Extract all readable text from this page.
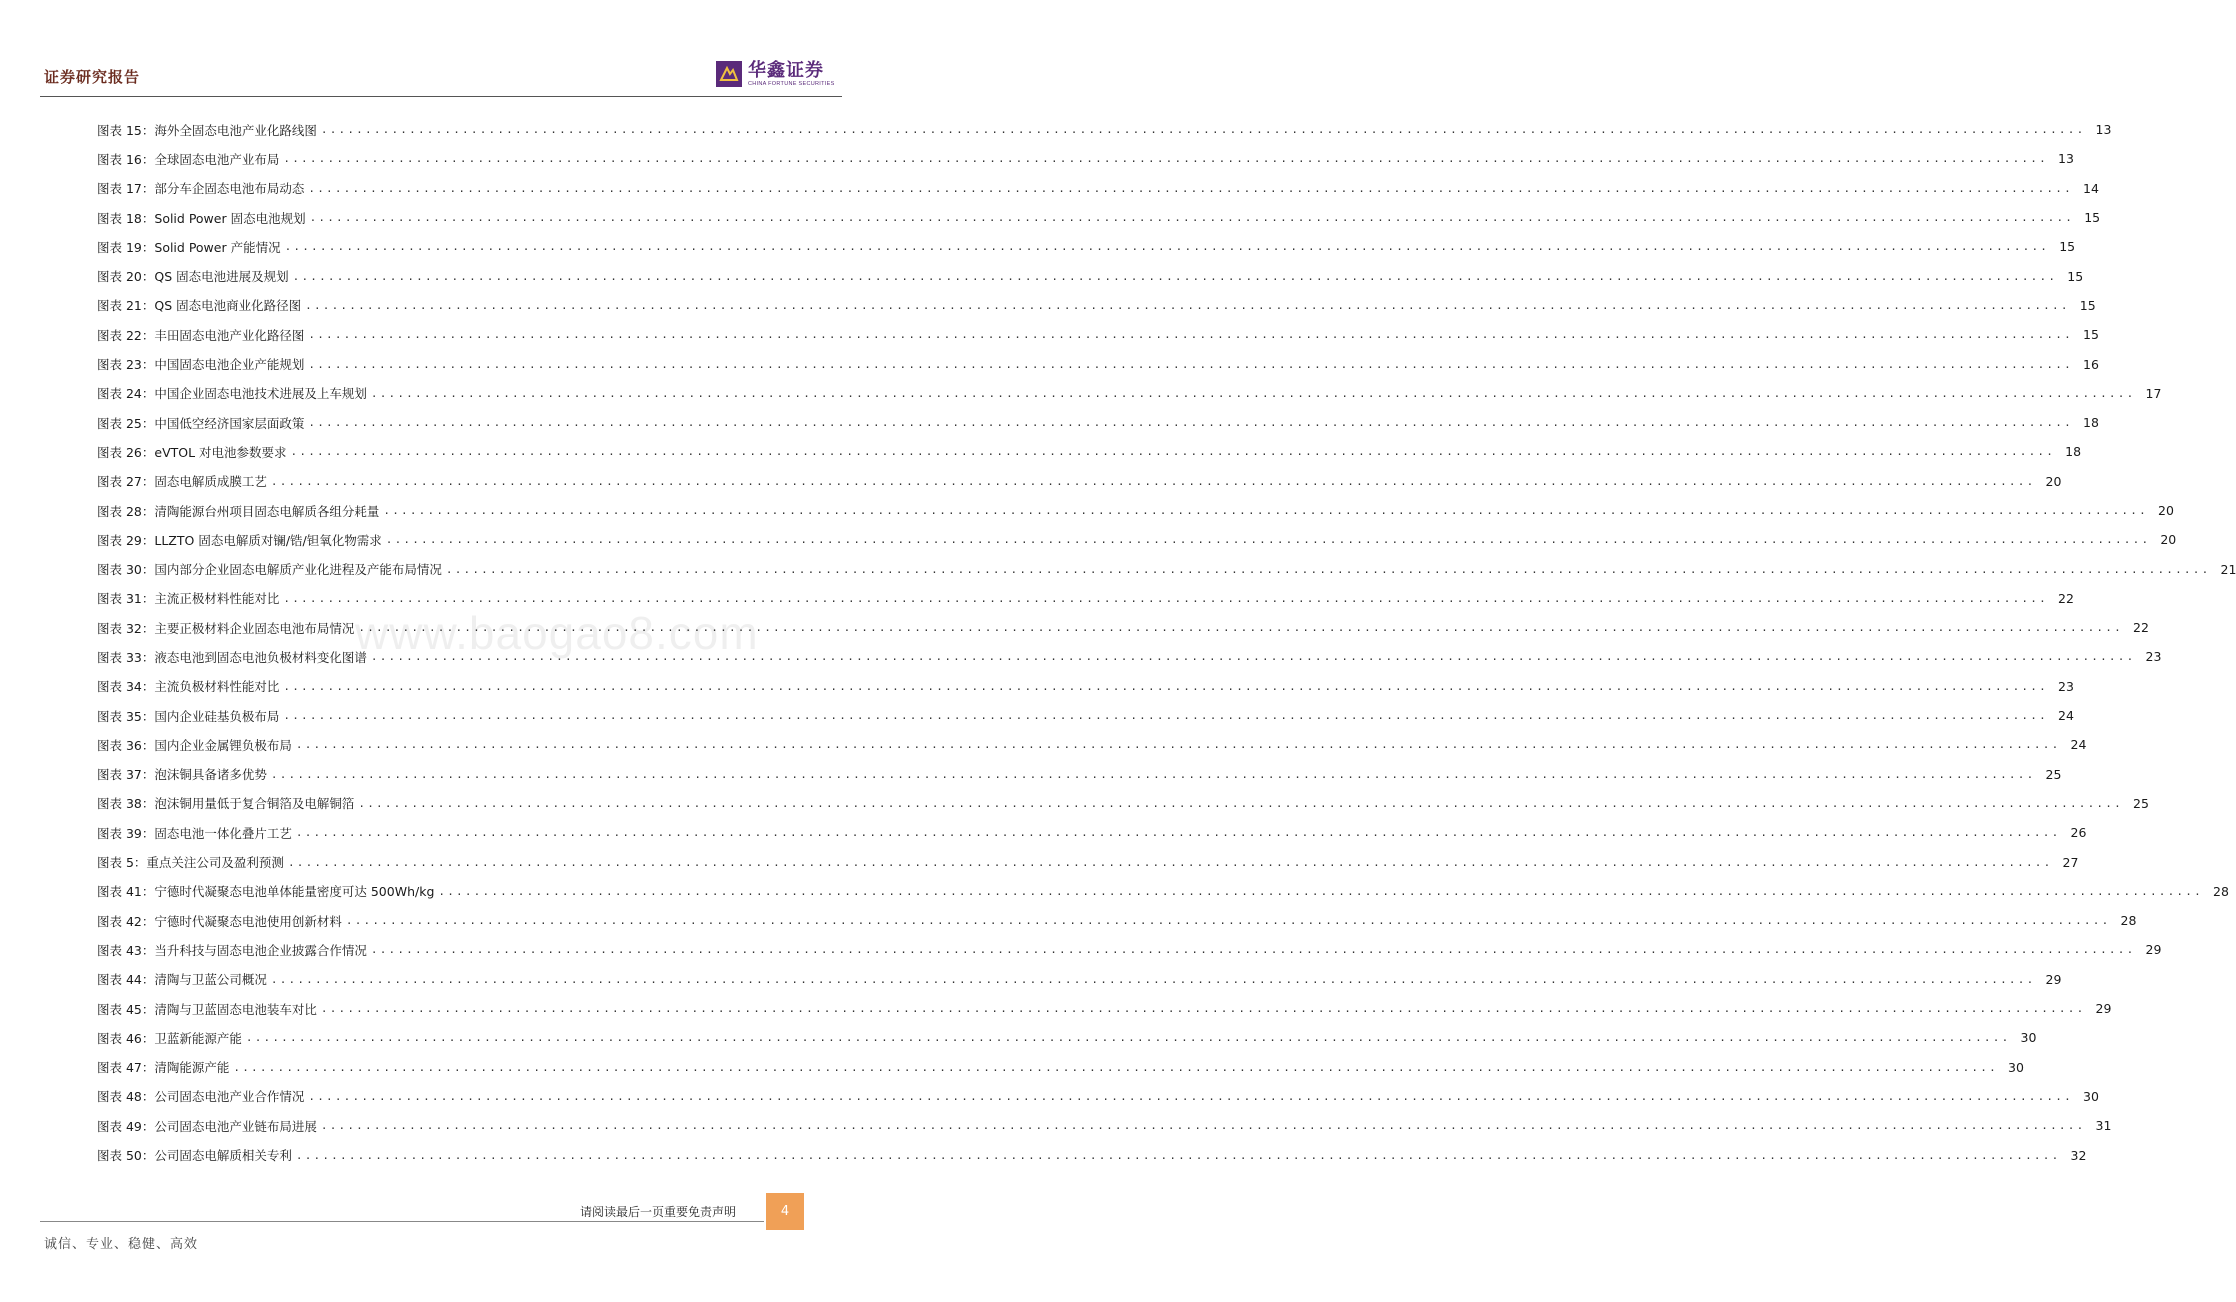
证券研究报告	华鑫证券
CHINA FORTUNE SECURITIES
www.baogao8.com
图表 15：海外全固态电池产业化路线图 ........................................................................................................................................................................................................ 13
图表 16：全球固态电池产业布局 ........................................................................................................................................................................................................ 13
图表 17：部分车企固态电池布局动态 ........................................................................................................................................................................................................ 14
图表 18：Solid Power 固态电池规划 ........................................................................................................................................................................................................ 15
图表 19：Solid Power 产能情况 ........................................................................................................................................................................................................ 15
图表 20：QS 固态电池进展及规划 ........................................................................................................................................................................................................ 15
图表 21：QS 固态电池商业化路径图 ........................................................................................................................................................................................................ 15
图表 22：丰田固态电池产业化路径图 ........................................................................................................................................................................................................ 15
图表 23：中国固态电池企业产能规划 ........................................................................................................................................................................................................ 16
图表 24：中国企业固态电池技术进展及上车规划 ........................................................................................................................................................................................................ 17
图表 25：中国低空经济国家层面政策 ........................................................................................................................................................................................................ 18
图表 26：eVTOL 对电池参数要求 ........................................................................................................................................................................................................ 18
图表 27：固态电解质成膜工艺 ........................................................................................................................................................................................................ 20
图表 28：清陶能源台州项目固态电解质各组分耗量 ........................................................................................................................................................................................................ 20
图表 29：LLZTO 固态电解质对镧/锆/钽氧化物需求 ........................................................................................................................................................................................................ 20
图表 30：国内部分企业固态电解质产业化进程及产能布局情况 ........................................................................................................................................................................................................ 21
图表 31：主流正极材料性能对比 ........................................................................................................................................................................................................ 22
图表 32：主要正极材料企业固态电池布局情况 ........................................................................................................................................................................................................ 22
图表 33：液态电池到固态电池负极材料变化图谱 ........................................................................................................................................................................................................ 23
图表 34：主流负极材料性能对比 ........................................................................................................................................................................................................ 23
图表 35：国内企业硅基负极布局 ........................................................................................................................................................................................................ 24
图表 36：国内企业金属锂负极布局 ........................................................................................................................................................................................................ 24
图表 37：泡沫铜具备诸多优势 ........................................................................................................................................................................................................ 25
图表 38：泡沫铜用量低于复合铜箔及电解铜箔 ........................................................................................................................................................................................................ 25
图表 39：固态电池一体化叠片工艺 ........................................................................................................................................................................................................ 26
图表 5：重点关注公司及盈利预测 ........................................................................................................................................................................................................ 27
图表 41：宁德时代凝聚态电池单体能量密度可达 500Wh/kg ........................................................................................................................................................................................................ 28
图表 42：宁德时代凝聚态电池使用创新材料 ........................................................................................................................................................................................................ 28
图表 43：当升科技与固态电池企业披露合作情况 ........................................................................................................................................................................................................ 29
图表 44：清陶与卫蓝公司概况 ........................................................................................................................................................................................................ 29
图表 45：清陶与卫蓝固态电池装车对比 ........................................................................................................................................................................................................ 29
图表 46：卫蓝新能源产能 ........................................................................................................................................................................................................ 30
图表 47：清陶能源产能 ........................................................................................................................................................................................................ 30
图表 48：公司固态电池产业合作情况 ........................................................................................................................................................................................................ 30
图表 49：公司固态电池产业链布局进展 ........................................................................................................................................................................................................ 31
图表 50：公司固态电解质相关专利 ........................................................................................................................................................................................................ 32
请阅读最后一页重要免责声明	4
诚信、专业、稳健、高效
